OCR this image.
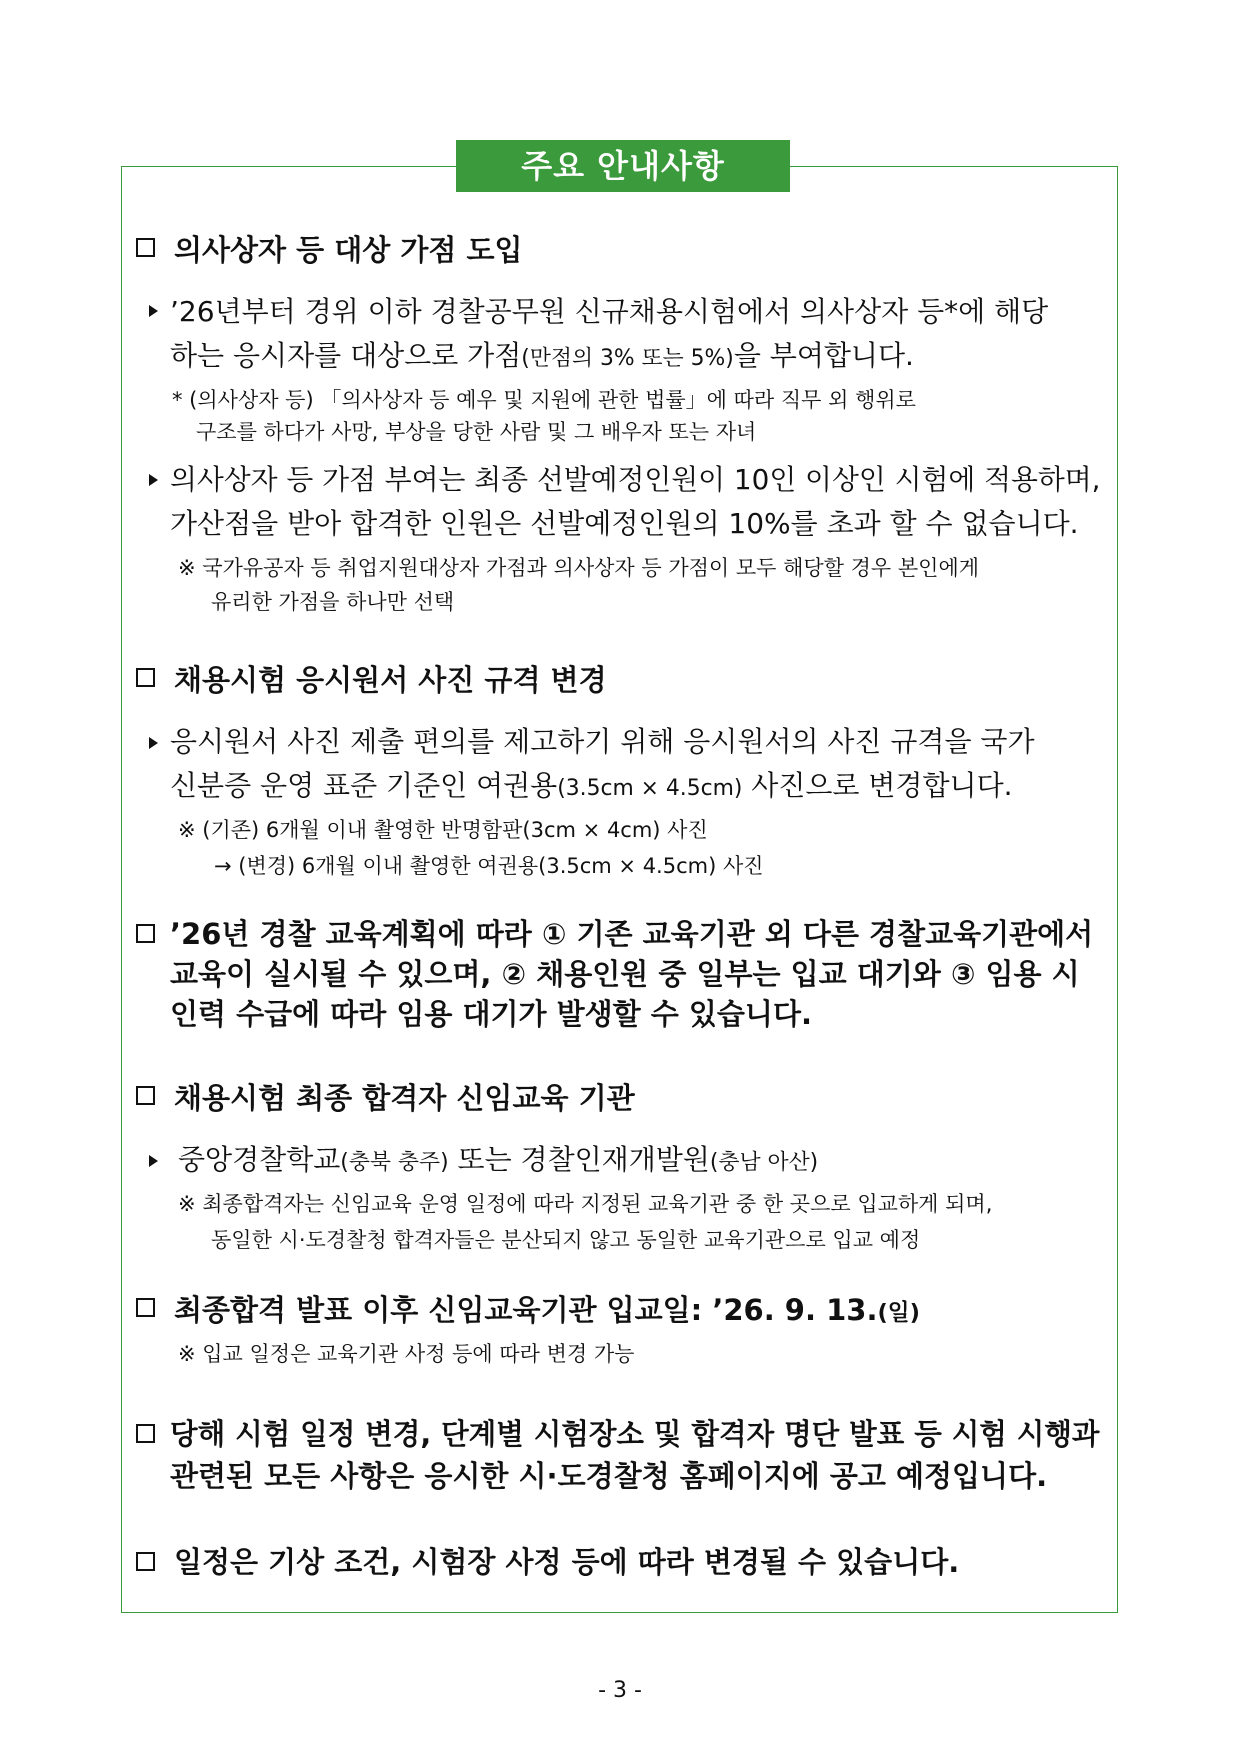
주요 안내사항
의사상자 등 대상 가점 도입
’26년부터 경위 이하 경찰공무원 신규채용시험에서 의사상자 등*에 해당
하는 응시자를 대상으로 가점(만점의 3% 또는 5%)을 부여합니다.
* (의사상자 등) 「의사상자 등 예우 및 지원에 관한 법률」에 따라 직무 외 행위로
구조를 하다가 사망, 부상을 당한 사람 및 그 배우자 또는 자녀
의사상자 등 가점 부여는 최종 선발예정인원이 10인 이상인 시험에 적용하며,
가산점을 받아 합격한 인원은 선발예정인원의 10%를 초과 할 수 없습니다.
※ 국가유공자 등 취업지원대상자 가점과 의사상자 등 가점이 모두 해당할 경우 본인에게
유리한 가점을 하나만 선택
채용시험 응시원서 사진 규격 변경
응시원서 사진 제출 편의를 제고하기 위해 응시원서의 사진 규격을 국가
신분증 운영 표준 기준인 여권용(3.5cm × 4.5cm) 사진으로 변경합니다.
※ (기존) 6개월 이내 촬영한 반명함판(3cm × 4cm) 사진
→ (변경) 6개월 이내 촬영한 여권용(3.5cm × 4.5cm) 사진
’26년 경찰 교육계획에 따라 ① 기존 교육기관 외 다른 경찰교육기관에서
교육이 실시될 수 있으며, ② 채용인원 중 일부는 입교 대기와 ③ 임용 시
인력 수급에 따라 임용 대기가 발생할 수 있습니다.
채용시험 최종 합격자 신임교육 기관
중앙경찰학교(충북 충주) 또는 경찰인재개발원(충남 아산)
※ 최종합격자는 신임교육 운영 일정에 따라 지정된 교육기관 중 한 곳으로 입교하게 되며,
동일한 시·도경찰청 합격자들은 분산되지 않고 동일한 교육기관으로 입교 예정
최종합격 발표 이후 신임교육기관 입교일: ’26. 9. 13.(일)
※ 입교 일정은 교육기관 사정 등에 따라 변경 가능
당해 시험 일정 변경, 단계별 시험장소 및 합격자 명단 발표 등 시험 시행과
관련된 모든 사항은 응시한 시·도경찰청 홈페이지에 공고 예정입니다.
일정은 기상 조건, 시험장 사정 등에 따라 변경될 수 있습니다.
- 3 -
